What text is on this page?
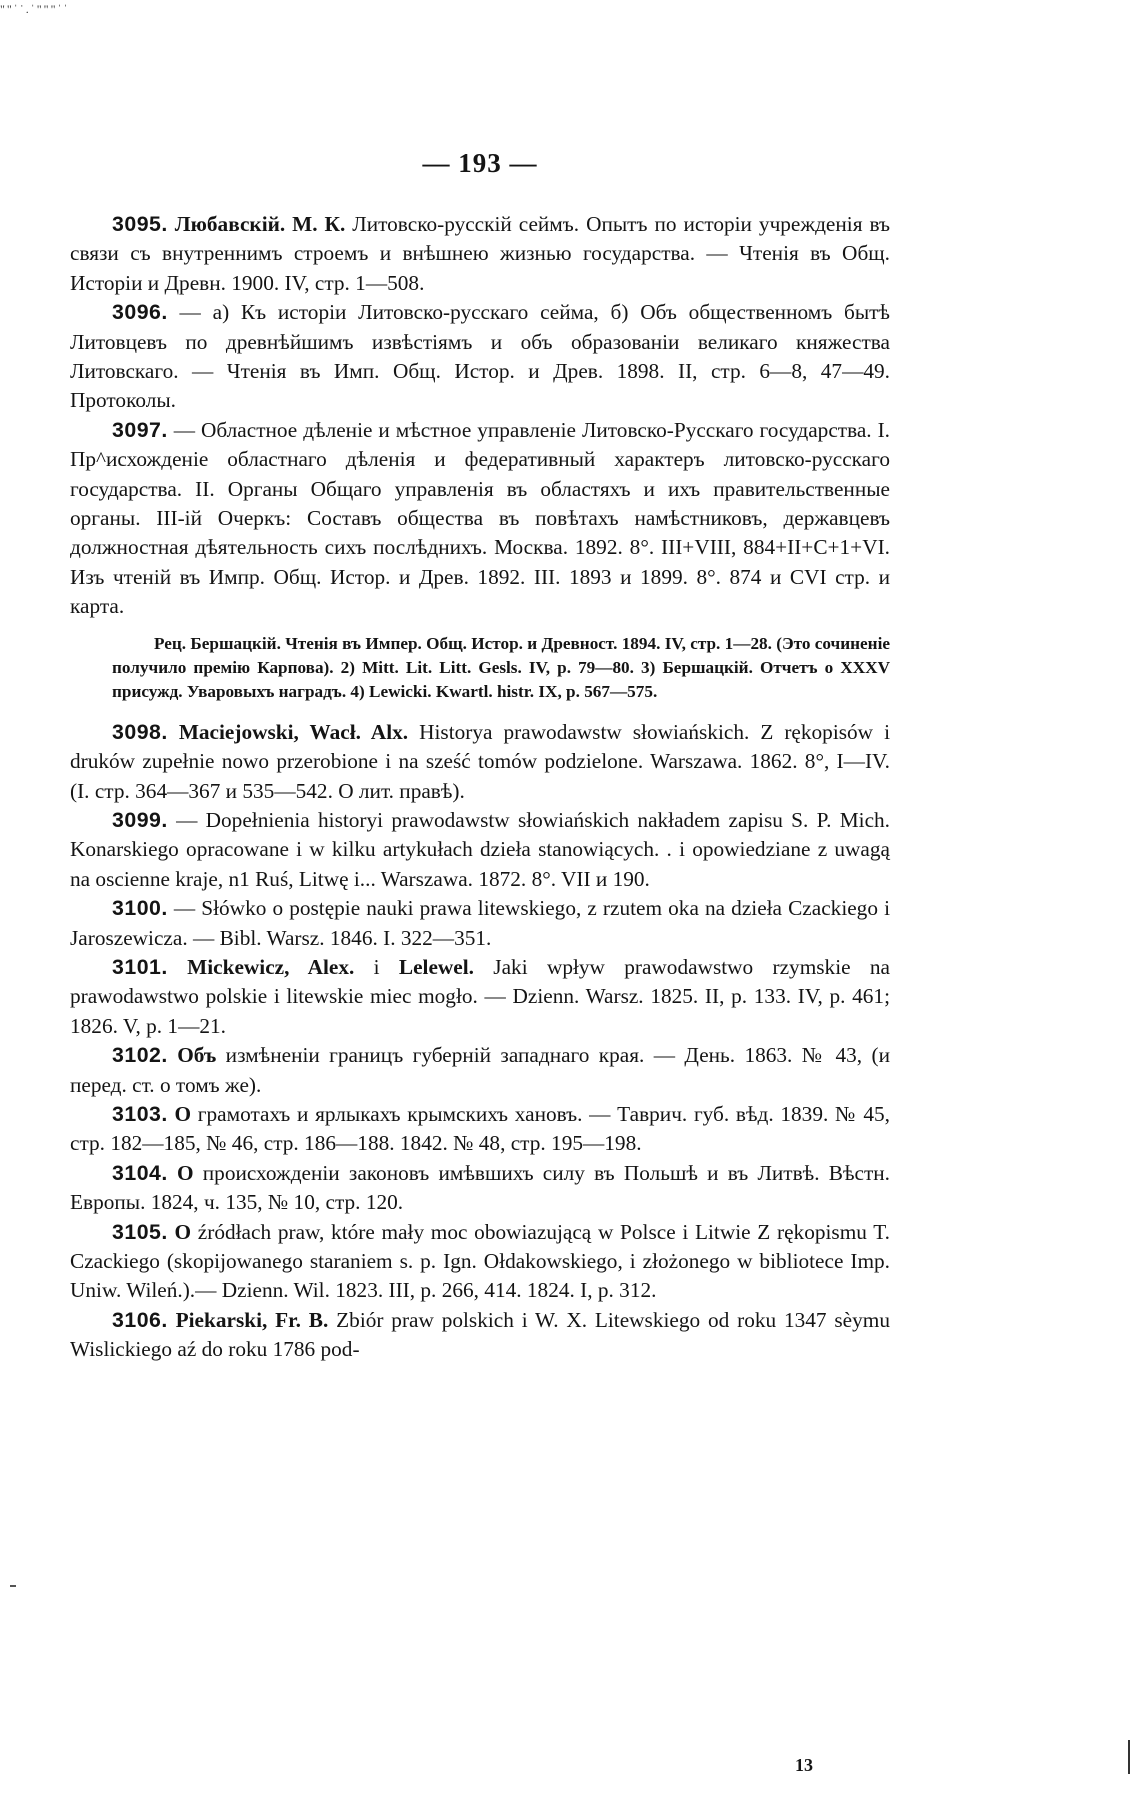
""ˈ˙.ˈ"""ˈˈ
— 193 —

3095. Любавскій. М. К. Литовско-русскій сеймъ. Опытъ по исторіи учрежденія въ связи съ внутреннимъ строемъ и внѣшнею жизнью государства. — Чтенія въ Общ. Исторіи и Древн. 1900. IV, стр. 1—508.

3096. — а) Къ исторіи Литовско-русскаго сейма, б) Объ общественномъ бытѣ Литовцевъ по древнѣйшимъ извѣстіямъ и объ образованіи великаго княжества Литовскаго. — Чтенія въ Имп. Общ. Истор. и Древ. 1898. II, стр. 6—8, 47—49. Протоколы.

3097. — Областное дѣленіе и мѣстное управленіе Литовско-Русскаго государства. I. Пр^исхожденіе областнаго дѣленія и федеративный характеръ литовско-русскаго государства. II. Органы Общаго управленія въ областяхъ и ихъ правительственные органы. III-ій Очеркъ: Составъ общества въ повѣтахъ намѣстниковъ, державцевъ должностная дѣятельность сихъ послѣднихъ. Москва. 1892. 8°. III+VIII, 884+II+C+1+VI. Изъ чтеній въ Импр. Общ. Истор. и Древ. 1892. III. 1893 и 1899. 8°. 874 и CVI стр. и карта.

Рец. Бершацкій. Чтенія въ Импер. Общ. Истор. и Древност. 1894. IV, стр. 1—28. (Это сочиненіе получило премію Карпова). 2) Mitt. Lit. Litt. Gesls. IV, p. 79—80. 3) Бершацкій. Отчетъ о XXXV присужд. Уваровыхъ наградъ. 4) Lewicki. Kwartl. histr. IX, p. 567—575.

3098. Maciejowski, Wacł. Alx. Historya prawodawstw słowiańskich. Z rękopisów i druków zupełnie nowo przerobione i na sześć tomów podzielone. Warszawa. 1862. 8°, I—IV. (I. стр. 364—367 и 535—542. О лит. правѣ).

3099. — Dopełnienia historyi prawodawstw słowiańskich nakładem zapisu S. P. Mich. Konarskiego opracowane i w kilku artykułach dzieła stanowiących. . i opowiedziane z uwagą na oscienne kraje, n1 Ruś, Litwę i... Warszawa. 1872. 8°. VII и 190.

3100. — Słówko o postępie nauki prawa litewskiego, z rzutem oka na dzieła Czackiego i Jaroszewicza. — Bibl. Warsz. 1846. I. 322—351.

3101. Mickewicz, Alex. i Lelewel. Jaki wpływ prawodawstwo rzymskie na prawodawstwo polskie i litewskie miec mogło. — Dzienn. Warsz. 1825. II, p. 133. IV, p. 461; 1826. V, p. 1—21.

3102. Объ измѣненіи границъ губерній западнаго края. — День. 1863. № 43, (и перед. ст. о томъ же).

3103. О грамотахъ и ярлыкахъ крымскихъ хановъ. — Таврич. губ. вѣд. 1839. № 45, стр. 182—185, № 46, стр. 186—188. 1842. № 48, стр. 195—198.

3104. О происхожденіи законовъ имѣвшихъ силу въ Польшѣ и въ Литвѣ. Вѣстн. Европы. 1824, ч. 135, № 10, стр. 120.

3105. O źródłach praw, które mały moc obowiazującą w Polsce i Litwie Z rękopismu T. Czackiego (skopijowanego staraniem s. p. Ign. Ołdakowskiego, i złożonego w bibliotece Imp. Uniw. Wileń.).— Dzienn. Wil. 1823. III, p. 266, 414. 1824. I, p. 312.

3106. Piekarski, Fr. B. Zbiór praw polskich i W. X. Litewskiego od roku 1347 sèymu Wislickiego aź do roku 1786 pod-

13
